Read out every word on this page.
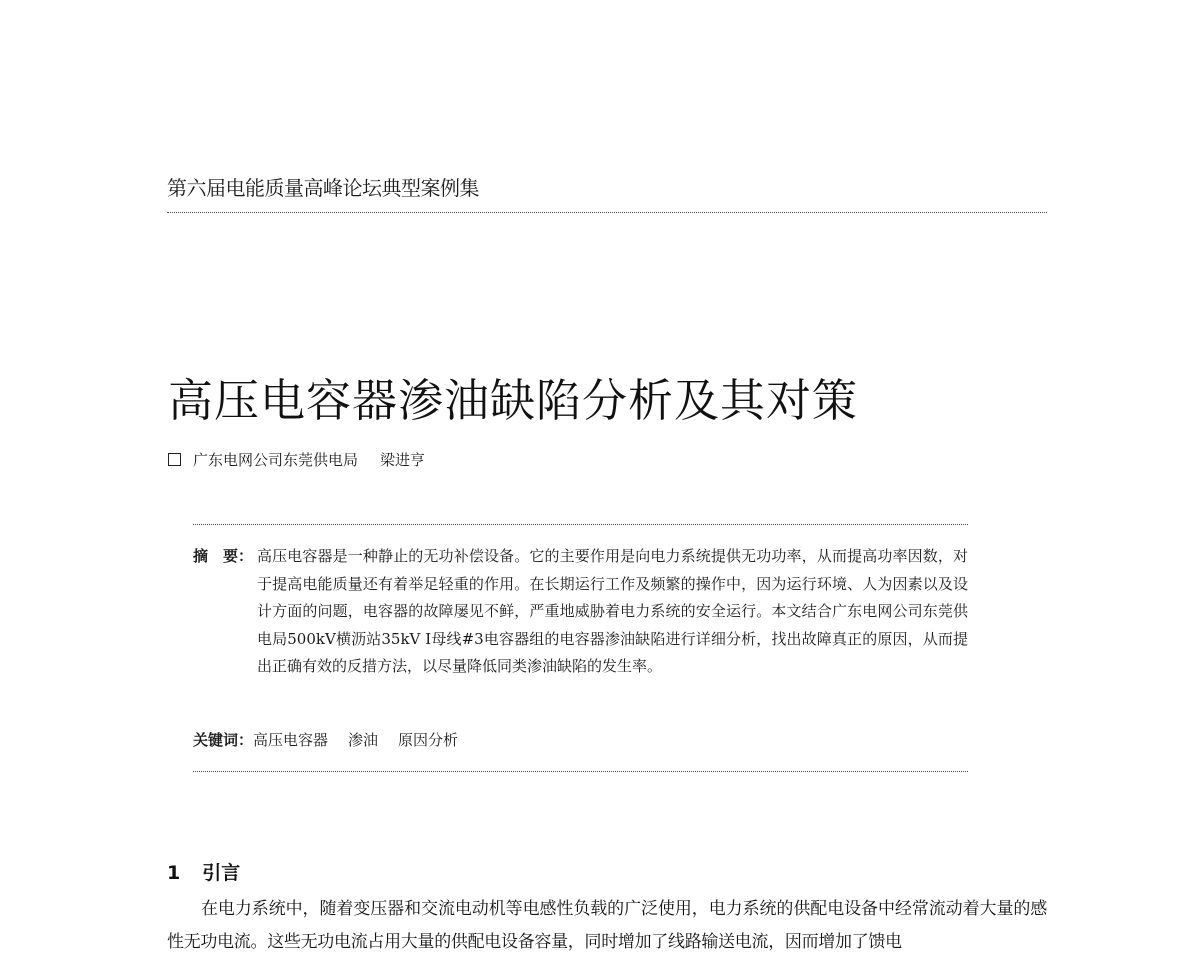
第六届电能质量高峰论坛典型案例集
高压电容器渗油缺陷分析及其对策
广东电网公司东莞供电局 梁进亨
摘　要： 高压电容器是一种静止的无功补偿设备。它的主要作用是向电力系统提供无功功率，从而提高功率因数，对于提高电能质量还有着举足轻重的作用。在长期运行工作及频繁的操作中，因为运行环境、人为因素以及设计方面的问题，电容器的故障屡见不鲜，严重地威胁着电力系统的安全运行。本文结合广东电网公司东莞供电局500kV横沥站35kV I母线#3电容器组的电容器渗油缺陷进行详细分析，找出故障真正的原因，从而提出正确有效的反措方法，以尽量降低同类渗油缺陷的发生率。
关键词：高压电容器 渗油 原因分析
1 引言
在电力系统中，随着变压器和交流电动机等电感性负载的广泛使用，电力系统的供配电设备中经常流动着大量的感性无功电流。这些无功电流占用大量的供配电设备容量，同时增加了线路输送电流，因而增加了馈电
